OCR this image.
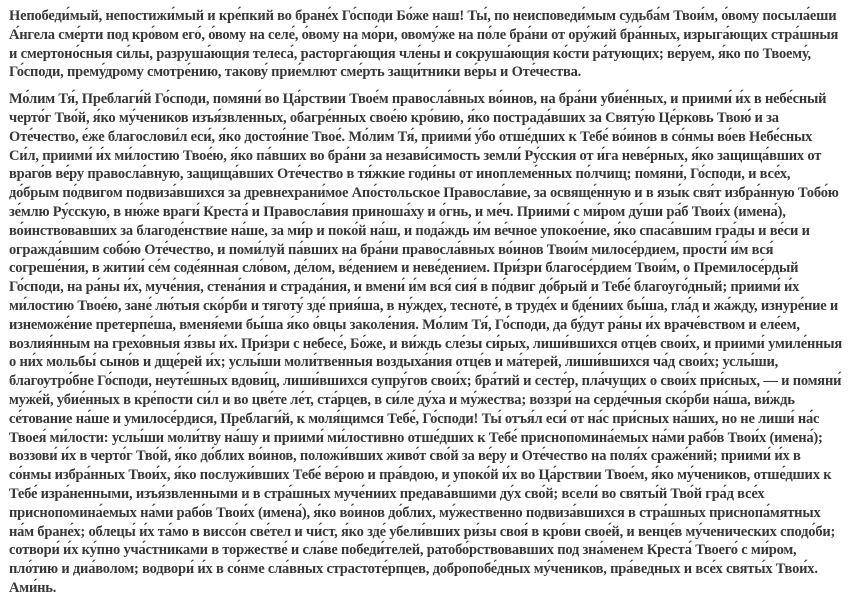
Непобеди́мый, непостижи́мый и кре́пкий во бране́х Го́споди Бо́же наш! Ты́, по неисповеди́мым судьба́м Твои́м, о́вому посыла́еши А́нгела сме́рти под кро́вом его́, о́вому на селе́, о́вому на мо́ри, овому́же на по́ле бра́ни от ору́жий бра́нных, изрыга́ющих стра́шныя и смертоно́сныя си́лы, разруша́ющия телеса́, расторга́ющия чле́ны и сокруша́ющия ко́сти ра́тующих; ве́руем, я́ко по Твоему́, Го́споди, прему́дрому смотре́нию, такову́ прие́млют сме́рть защи́тники ве́ры и Оте́чества.

Мо́лим Тя́, Преблаги́й Го́споди, помяни́ во Ца́рствии Твое́м правосла́вных во́инов, на бра́ни убие́нных, и приими́ и́х в небе́сный черто́г Тво́й, я́ко му́чеников изъя́звленных, обагре́нных свое́ю кро́вию, я́ко пострада́вших за Святу́ю Це́рковь Твою́ и за Оте́чество, е́же благослови́л еси́, я́ко достоя́ние Твое́. Мо́лим Тя́, приими́ у́бо отше́дших к Тебе́ во́инов в со́нмы во́ев Небе́сных Си́л, приими́ и́х ми́лостию Твое́ю, я́ко па́вших во бра́ни за незави́симость земли́ Ру́сския от и́га неве́рных, я́ко защища́вших от враго́в ве́ру правосла́вную, защища́вших Оте́чество в тя́жкие годи́ны от иноплеме́нных по́лчищ; помяни́, Го́споди, и все́х, до́брым по́двигом подвиза́вшихся за древнехрани́мое Апо́стольское Правосла́вие, за освяще́нную и в язы́к свя́т избра́нную Тобо́ю зе́млю Ру́сскую, в ню́же враги́ Креста́ и Правосла́вия приноша́ху и о́гнь, и ме́ч. Приими́ с ми́ром ду́ши ра́б Твои́х (имена́), во́инствовавших за благоде́нствие на́ше, за ми́р и поко́й на́ш, и пода́ждь и́м ве́чное упокое́ние, я́ко спаса́вшим гра́ды и ве́си и огражда́вшим собо́ю Оте́чество, и поми́луй па́вших на бра́ни правосла́вных во́инов Твои́м милосе́рдием, прости́ и́м вся́ согреше́ния, в житии́ се́м соде́янная сло́вом, де́лом, ве́дением и неве́дением. При́зри благосе́рдием Твои́м, о Премилосе́рдый Го́споди, на ра́ны и́х, муче́ния, стена́ния и страда́ния, и вмени́ и́м вся́ сия́ в по́двиг до́брый и Тебе́ благоуго́дный; приими́ и́х ми́лостию Твое́ю, зане́ лю́тыя ско́рби и тяготу́ зде́ прия́ша, в ну́ждех, тесноте́, в труде́х и бде́ниих бы́ша, гла́д и жа́жду, изнуре́ние и изнеможе́ние претерпе́ша, вменя́еми бы́ша я́ко о́вцы заколе́ния. Мо́лим Тя́, Го́споди, да бу́дут ра́ны и́х враче́вством и еле́ем, возлия́нным на грехо́вныя я́звы и́х. При́зри с небесе́, Бо́же, и ви́ждь сле́зы си́рых, лиши́вшихся отце́в свои́х, и приими́ умиле́нныя о ни́х мольбы́ сыно́в и дще́рей и́х; услы́ши моли́твенныя воздыха́ния отце́в и ма́терей, лиши́вшихся ча́д свои́х; услы́ши, благоутро́бне Го́споди, неуте́шных вдови́ц, лиши́вшихся супру́гов свои́х; бра́тий и сесте́р, пла́чущих о свои́х при́сных, — и помяни́ муже́й, убие́нных в кре́пости си́л и во цве́те ле́т, ста́рцев, в си́ле ду́ха и му́жества; воззри́ на серде́чныя ско́рби на́ша, ви́ждь се́тование на́ше и умилосе́рдися, Преблаги́й, к моля́щимся Тебе́, Го́споди! Ты́ отъя́л еси́ от на́с при́сных на́ших, но не лиши́ на́с Твоея́ ми́лости: услы́ши моли́тву на́шу и приими́ ми́лостивно отше́дших к Тебе́ приснопомина́емых на́ми рабо́в Твои́х (имена́); воззови́ и́х в черто́г Тво́й, я́ко до́блих во́инов, положи́вших живо́т сво́й за ве́ру и Оте́чество на поля́х сраже́ний; приими́ и́х в со́нмы избра́нных Твои́х, я́ко послужи́вших Тебе́ ве́рою и пра́вдою, и упоко́й и́х во Ца́рствии Твое́м, я́ко му́чеников, отше́дших к Тебе́ изра́ненными, изъя́звленными и в стра́шных муче́ниих предава́вшими ду́х сво́й; всели́ во святы́й Тво́й гра́д все́х приснопомина́емых на́ми рабо́в Твои́х (имена́), я́ко во́инов до́блих, му́жественно подвиза́вшихся в стра́шных приснопа́мятных на́м бране́х; облецы́ и́х та́мо в виссо́н све́тел и чи́ст, я́ко зде́ убели́вших ри́зы своя́ в кро́ви свое́й, и венце́в му́ченических сподо́би; сотвори́ и́х ку́пно уча́стниками в торжестве́ и сла́ве победи́телей, ратобо́рствовавших под зна́менем Креста́ Твоего́ с ми́ром, пло́тию и диа́волом; водвори́ и́х в со́нме сла́вных страстоте́рпцев, добропобе́дных му́чеников, пра́ведных и все́х святы́х Твои́х. Ами́нь.
